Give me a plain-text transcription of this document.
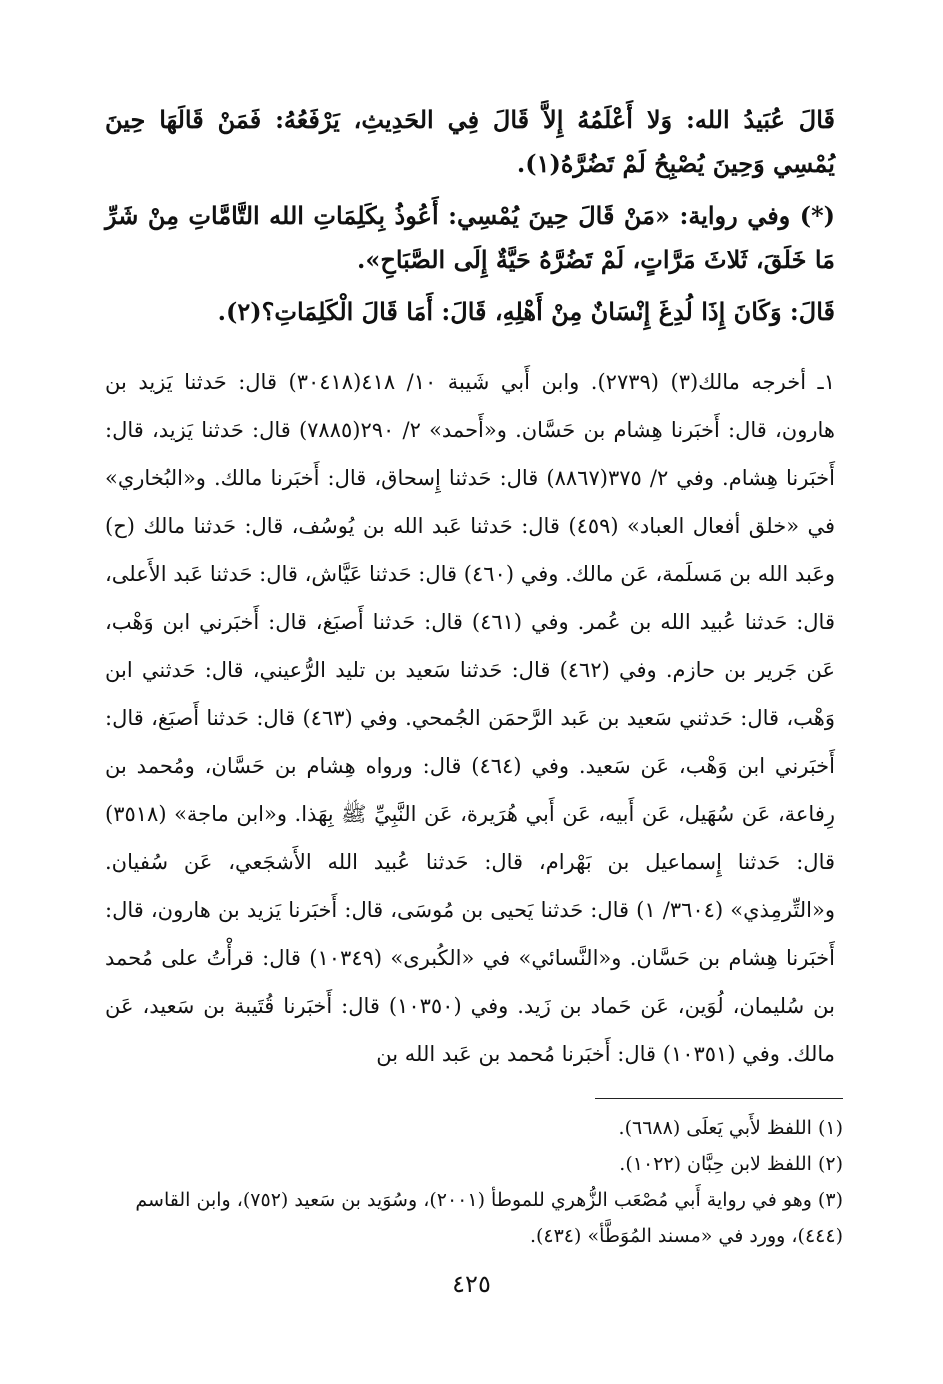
قَالَ عُبَيدُ الله: وَلا أَعْلَمُهُ إِلاَّ قَالَ فِي الحَدِيثِ، يَرْفَعُهُ: فَمَنْ قَالَهَا حِينَ يُمْسِي وَحِينَ يُصْبِحُ لَمْ تَضُرَّهُ(١).

(*) وفي رواية: «مَنْ قَالَ حِينَ يُمْسِي: أَعُوذُ بِكَلِمَاتِ الله التَّامَّاتِ مِنْ شَرِّ مَا خَلَقَ، ثَلاثَ مَرَّاتٍ، لَمْ تَضُرَّهُ حَيَّةٌ إِلَى الصَّبَاحِ».

قَالَ: وَكَانَ إِذَا لُدِغَ إِنْسَانٌ مِنْ أَهْلِهِ، قَالَ: أَمَا قَالَ الْكَلِمَاتِ؟(٢).

١ـ أخرجه مالك(٣) (٢٧٣٩). وابن أَبي شَيبة ١٠/ ٤١٨(٣٠٤١٨) قال: حَدثنا يَزيد بن هارون، قال: أَخبَرنا هِشام بن حَسَّان. و«أَحمد» ٢/ ٢٩٠(٧٨٨٥) قال: حَدثنا يَزيد، قال: أَخبَرنا هِشام. وفي ٢/ ٣٧٥(٨٨٦٧) قال: حَدثنا إِسحاق، قال: أَخبَرنا مالك. و«البُخاري» في «خلق أفعال العباد» (٤٥٩) قال: حَدثنا عَبد الله بن يُوسُف، قال: حَدثنا مالك (ح) وعَبد الله بن مَسلَمة، عَن مالك. وفي (٤٦٠) قال: حَدثنا عَيَّاش، قال: حَدثنا عَبد الأَعلى، قال: حَدثنا عُبيد الله بن عُمر. وفي (٤٦١) قال: حَدثنا أَصبَغ، قال: أَخبَرني ابن وَهْب، عَن جَرير بن حازم. وفي (٤٦٢) قال: حَدثنا سَعيد بن تليد الرُّعيني، قال: حَدثني ابن وَهْب، قال: حَدثني سَعيد بن عَبد الرَّحمَن الجُمحي. وفي (٤٦٣) قال: حَدثنا أَصبَغ، قال: أَخبَرني ابن وَهْب، عَن سَعيد. وفي (٤٦٤) قال: ورواه هِشام بن حَسَّان، ومُحمد بن رِفاعة، عَن سُهَيل، عَن أَبيه، عَن أَبي هُرَيرة، عَن النَّبِيِّ ﷺ بِهَذا. و«ابن ماجة» (٣٥١٨) قال: حَدثنا إِسماعيل بن بَهْرام، قال: حَدثنا عُبيد الله الأَشجَعي، عَن سُفيان. و«التِّرمِذي» (٣٦٠٤/ ١) قال: حَدثنا يَحيى بن مُوسَى، قال: أَخبَرنا يَزيد بن هارون، قال: أَخبَرنا هِشام بن حَسَّان. و«النَّسائي» في «الكُبرى» (١٠٣٤٩) قال: قرأْتُ على مُحمد بن سُليمان، لُوَين، عَن حَماد بن زَيد. وفي (١٠٣٥٠) قال: أَخبَرنا قُتَيبة بن سَعيد، عَن مالك. وفي (١٠٣٥١) قال: أَخبَرنا مُحمد بن عَبد الله بن

(١) اللفظ لأَبي يَعلَى (٦٦٨٨).

(٢) اللفظ لابن حِبَّان (١٠٢٢).

(٣) وهو في رواية أَبي مُصْعَب الزُّهري للموطأ (٢٠٠١)، وسُوَيد بن سَعيد (٧٥٢)، وابن القاسم (٤٤٤)، وورد في «مسند المُوَطَّأ» (٤٣٤).

٤٢٥
